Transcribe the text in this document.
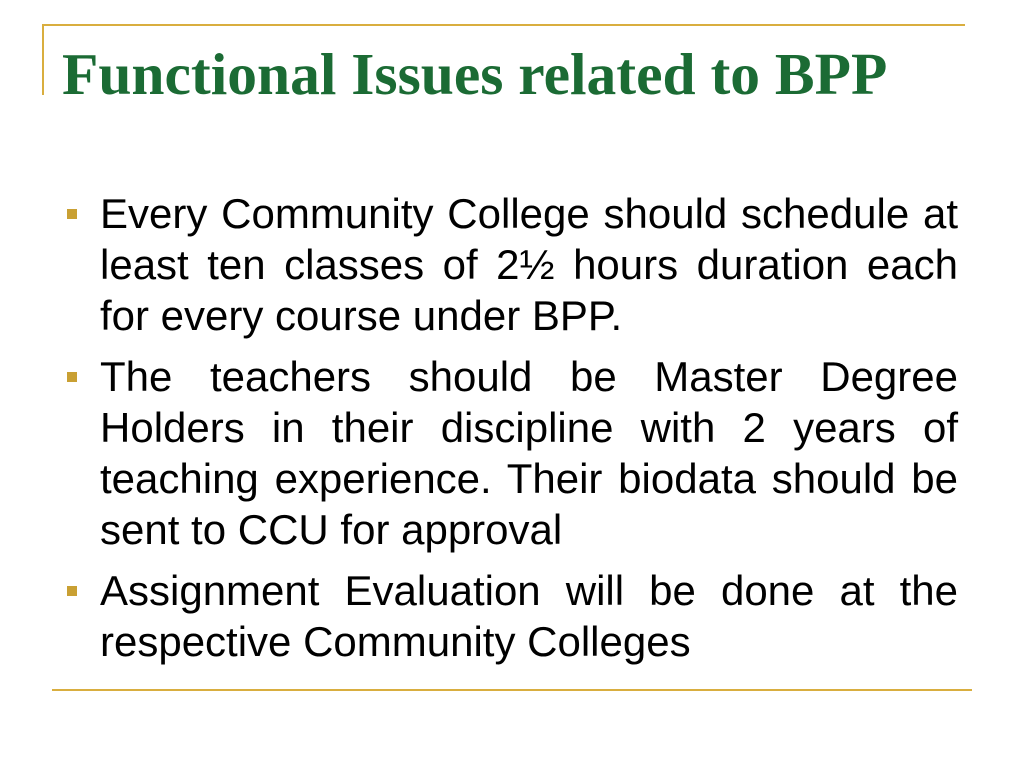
Functional Issues related to BPP
Every Community College should schedule at least ten classes of 2½ hours duration each for every course under BPP.
The teachers should be Master Degree Holders in their discipline with 2 years of teaching experience. Their biodata should be sent to CCU for approval
Assignment Evaluation will be done at the respective Community Colleges
